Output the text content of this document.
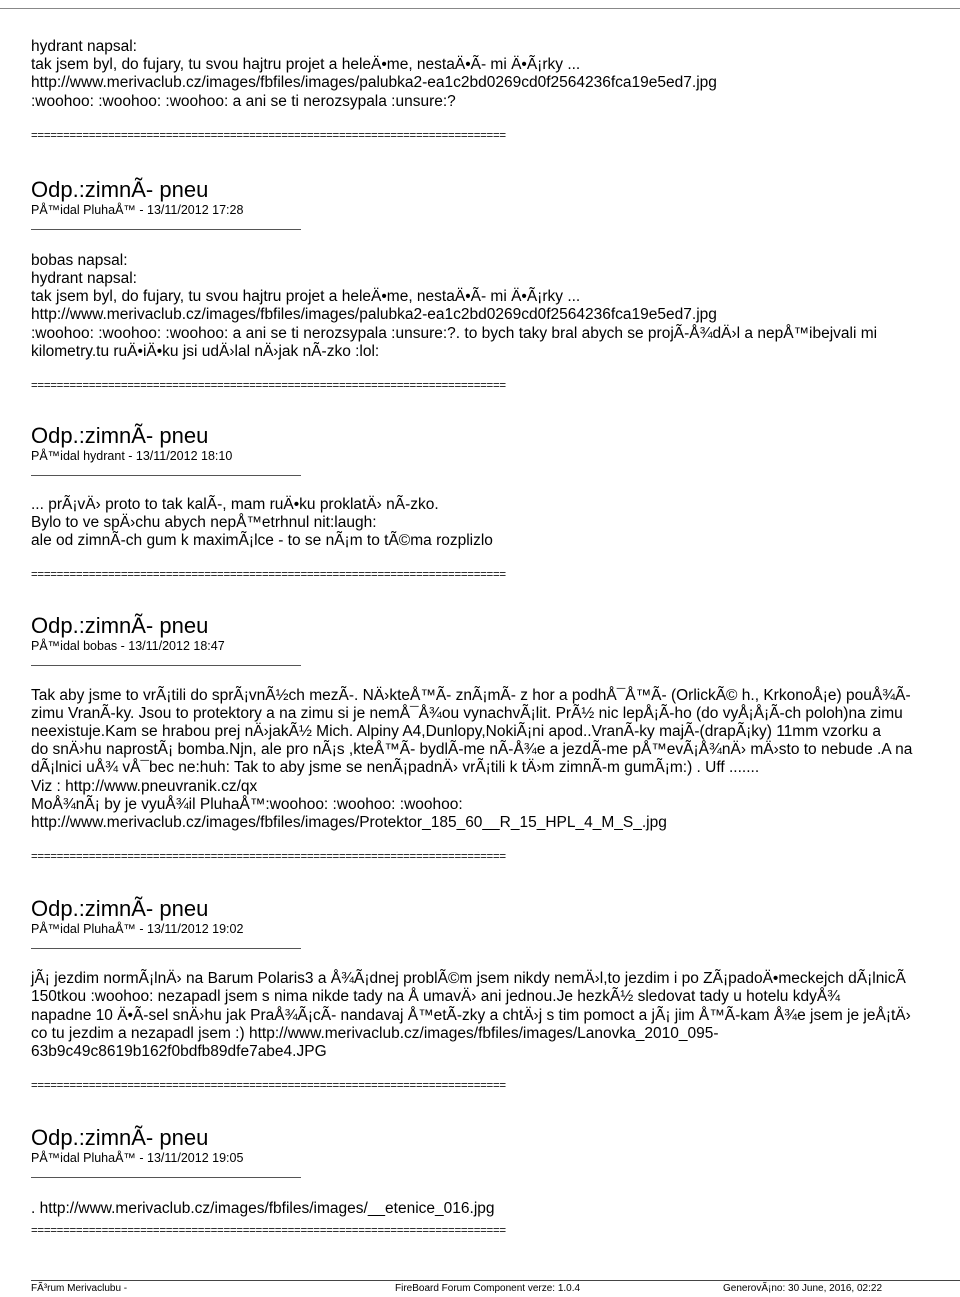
hydrant napsal:
tak jsem byl, do fujary, tu svou hajtru projet a heleÄ•me, nestaÄ•Ã- mi Ä•Ã¡rky ...
http://www.merivaclub.cz/images/fbfiles/images/palubka2-ea1c2bd0269cd0f2564236fca19e5ed7.jpg
:woohoo: :woohoo: :woohoo: a ani se ti nerozsypala :unsure:?
==========================================================================
Odp.:zimnÃ- pneu
PÅ™idal PluhaÅ™ - 13/11/2012 17:28
bobas napsal:
hydrant napsal:
tak jsem byl, do fujary, tu svou hajtru projet a heleÄ•me, nestaÄ•Ã- mi Ä•Ã¡rky ...
http://www.merivaclub.cz/images/fbfiles/images/palubka2-ea1c2bd0269cd0f2564236fca19e5ed7.jpg
:woohoo: :woohoo: :woohoo: a ani se ti nerozsypala :unsure:?. to bych taky bral abych se projÃ-Å¾dÄ›l a nepÅ™ibejvali mi
kilometry.tu ruÄ•iÄ•ku jsi udÄ›lal nÄ›jak nÃ-zko :lol:
==========================================================================
Odp.:zimnÃ- pneu
PÅ™idal hydrant - 13/11/2012 18:10
... prÃ¡vÄ› proto to tak kalÃ-, mam ruÄ•ku proklatÄ› nÃ-zko.
Bylo to ve spÄ›chu abych nepÅ™etrhnul nit:laugh:
ale od zimnÃ-ch gum k maximÃ¡lce - to se nÃ¡m to tÃ©ma rozplizlo
==========================================================================
Odp.:zimnÃ- pneu
PÅ™idal bobas - 13/11/2012 18:47
Tak aby jsme to vrÃ¡tili do sprÃ¡vnÃ½ch mezÃ-. NÄ›kteÅ™Ã- znÃ¡mÃ- z hor a podhÅ¯Å™Ã- (OrlickÃ© h., KrkonoÅ¡e) pouÅ¾Ã-
zimu VranÃ-ky. Jsou to protektory a na zimu si je nemÅ¯Å¾ou vynachvÃ¡lit. PrÃ½ nic lepÅ¡Ã-ho (do vyÅ¡Å¡Ã-ch poloh)na zimu
neexistuje.Kam se hrabou prej nÄ›jakÃ½ Mich. Alpiny A4,Dunlopy,NokiÃ¡ni apod..VranÃ-ky majÃ-(drapÃ¡ky) 11mm vzorku a
do snÄ›hu naprostÃ¡ bomba.Njn, ale pro nÃ¡s ,kteÅ™Ã- bydlÃ-me nÃ-Å¾e a jezdÃ-me pÅ™evÃ¡Å¾nÄ› mÄ›sto to nebude .A na
dÃ¡lnici uÅ¾ vÅ¯bec ne:huh: Tak to aby jsme se nenÃ¡padnÄ› vrÃ¡tili k tÄ›m zimnÃ-m gumÃ¡m:) . Uff .......
Viz : http://www.pneuvranik.cz/qx
MoÅ¾nÃ¡ by je vyuÅ¾il PluhaÅ™:woohoo: :woohoo: :woohoo:
http://www.merivaclub.cz/images/fbfiles/images/Protektor_185_60__R_15_HPL_4_M_S_.jpg
==========================================================================
Odp.:zimnÃ- pneu
PÅ™idal PluhaÅ™ - 13/11/2012 19:02
jÃ¡ jezdim normÃ¡lnÄ› na Barum Polaris3 a Å¾Ã¡dnej problÃ©m jsem nikdy nemÄ›l,to jezdim i po ZÃ¡padoÄ•meckejch dÃ¡lnicÃ
150tkou :woohoo: nezapadl jsem s nima nikde tady na Å umavÄ› ani jednou.Je hezkÃ½ sledovat tady u hotelu kdyÅ¾
napadne 10 Ä•Ã-sel snÄ›hu jak PraÅ¾Ã¡cÃ- nandavaj Å™etÃ-zky a chtÄ›j s tim pomoct a jÃ¡ jim Å™Ã-kam Å¾e jsem je jeÅ¡tÄ›
co tu jezdim a nezapadl jsem :) http://www.merivaclub.cz/images/fbfiles/images/Lanovka_2010_095-
63b9c49c8619b162f0bdfb89dfe7abe4.JPG
==========================================================================
Odp.:zimnÃ- pneu
PÅ™idal PluhaÅ™ - 13/11/2012 19:05
. http://www.merivaclub.cz/images/fbfiles/images/__etenice_016.jpg
==========================================================================
FÃ³rum Merivaclubu -	FireBoard Forum Component verze: 1.0.4	GenerovÃ¡no: 30 June, 2016, 02:22
